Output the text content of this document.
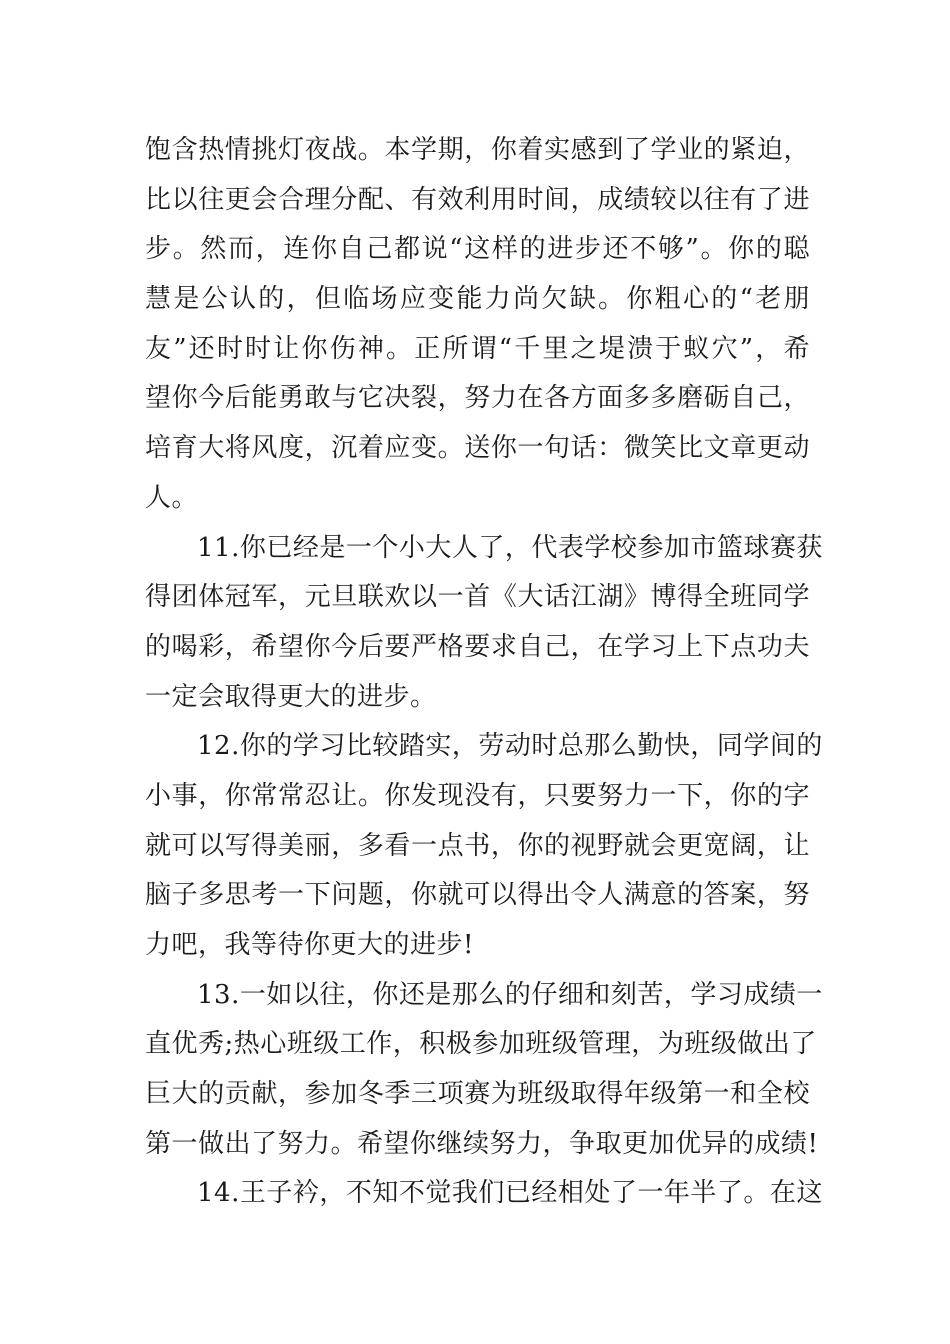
饱含热情挑灯夜战。本学期，你着实感到了学业的紧迫，
比以往更会合理分配、有效利用时间，成绩较以往有了进
步。然而，连你自己都说“这样的进步还不够”。你的聪
慧是公认的，但临场应变能力尚欠缺。你粗心的“老朋
友”还时时让你伤神。正所谓“千里之堤溃于蚁穴”，希
望你今后能勇敢与它决裂，努力在各方面多多磨砺自己，
培育大将风度，沉着应变。送你一句话：微笑比文章更动
人。
11.你已经是一个小大人了，代表学校参加市篮球赛获
得团体冠军，元旦联欢以一首《大话江湖》博得全班同学
的喝彩，希望你今后要严格要求自己，在学习上下点功夫
一定会取得更大的进步。
12.你的学习比较踏实，劳动时总那么勤快，同学间的
小事，你常常忍让。你发现没有，只要努力一下，你的字
就可以写得美丽，多看一点书，你的视野就会更宽阔，让
脑子多思考一下问题，你就可以得出令人满意的答案，努
力吧，我等待你更大的进步!
13.一如以往，你还是那么的仔细和刻苦，学习成绩一
直优秀;热心班级工作，积极参加班级管理，为班级做出了
巨大的贡献，参加冬季三项赛为班级取得年级第一和全校
第一做出了努力。希望你继续努力，争取更加优异的成绩!
14.王子衿，不知不觉我们已经相处了一年半了。在这
